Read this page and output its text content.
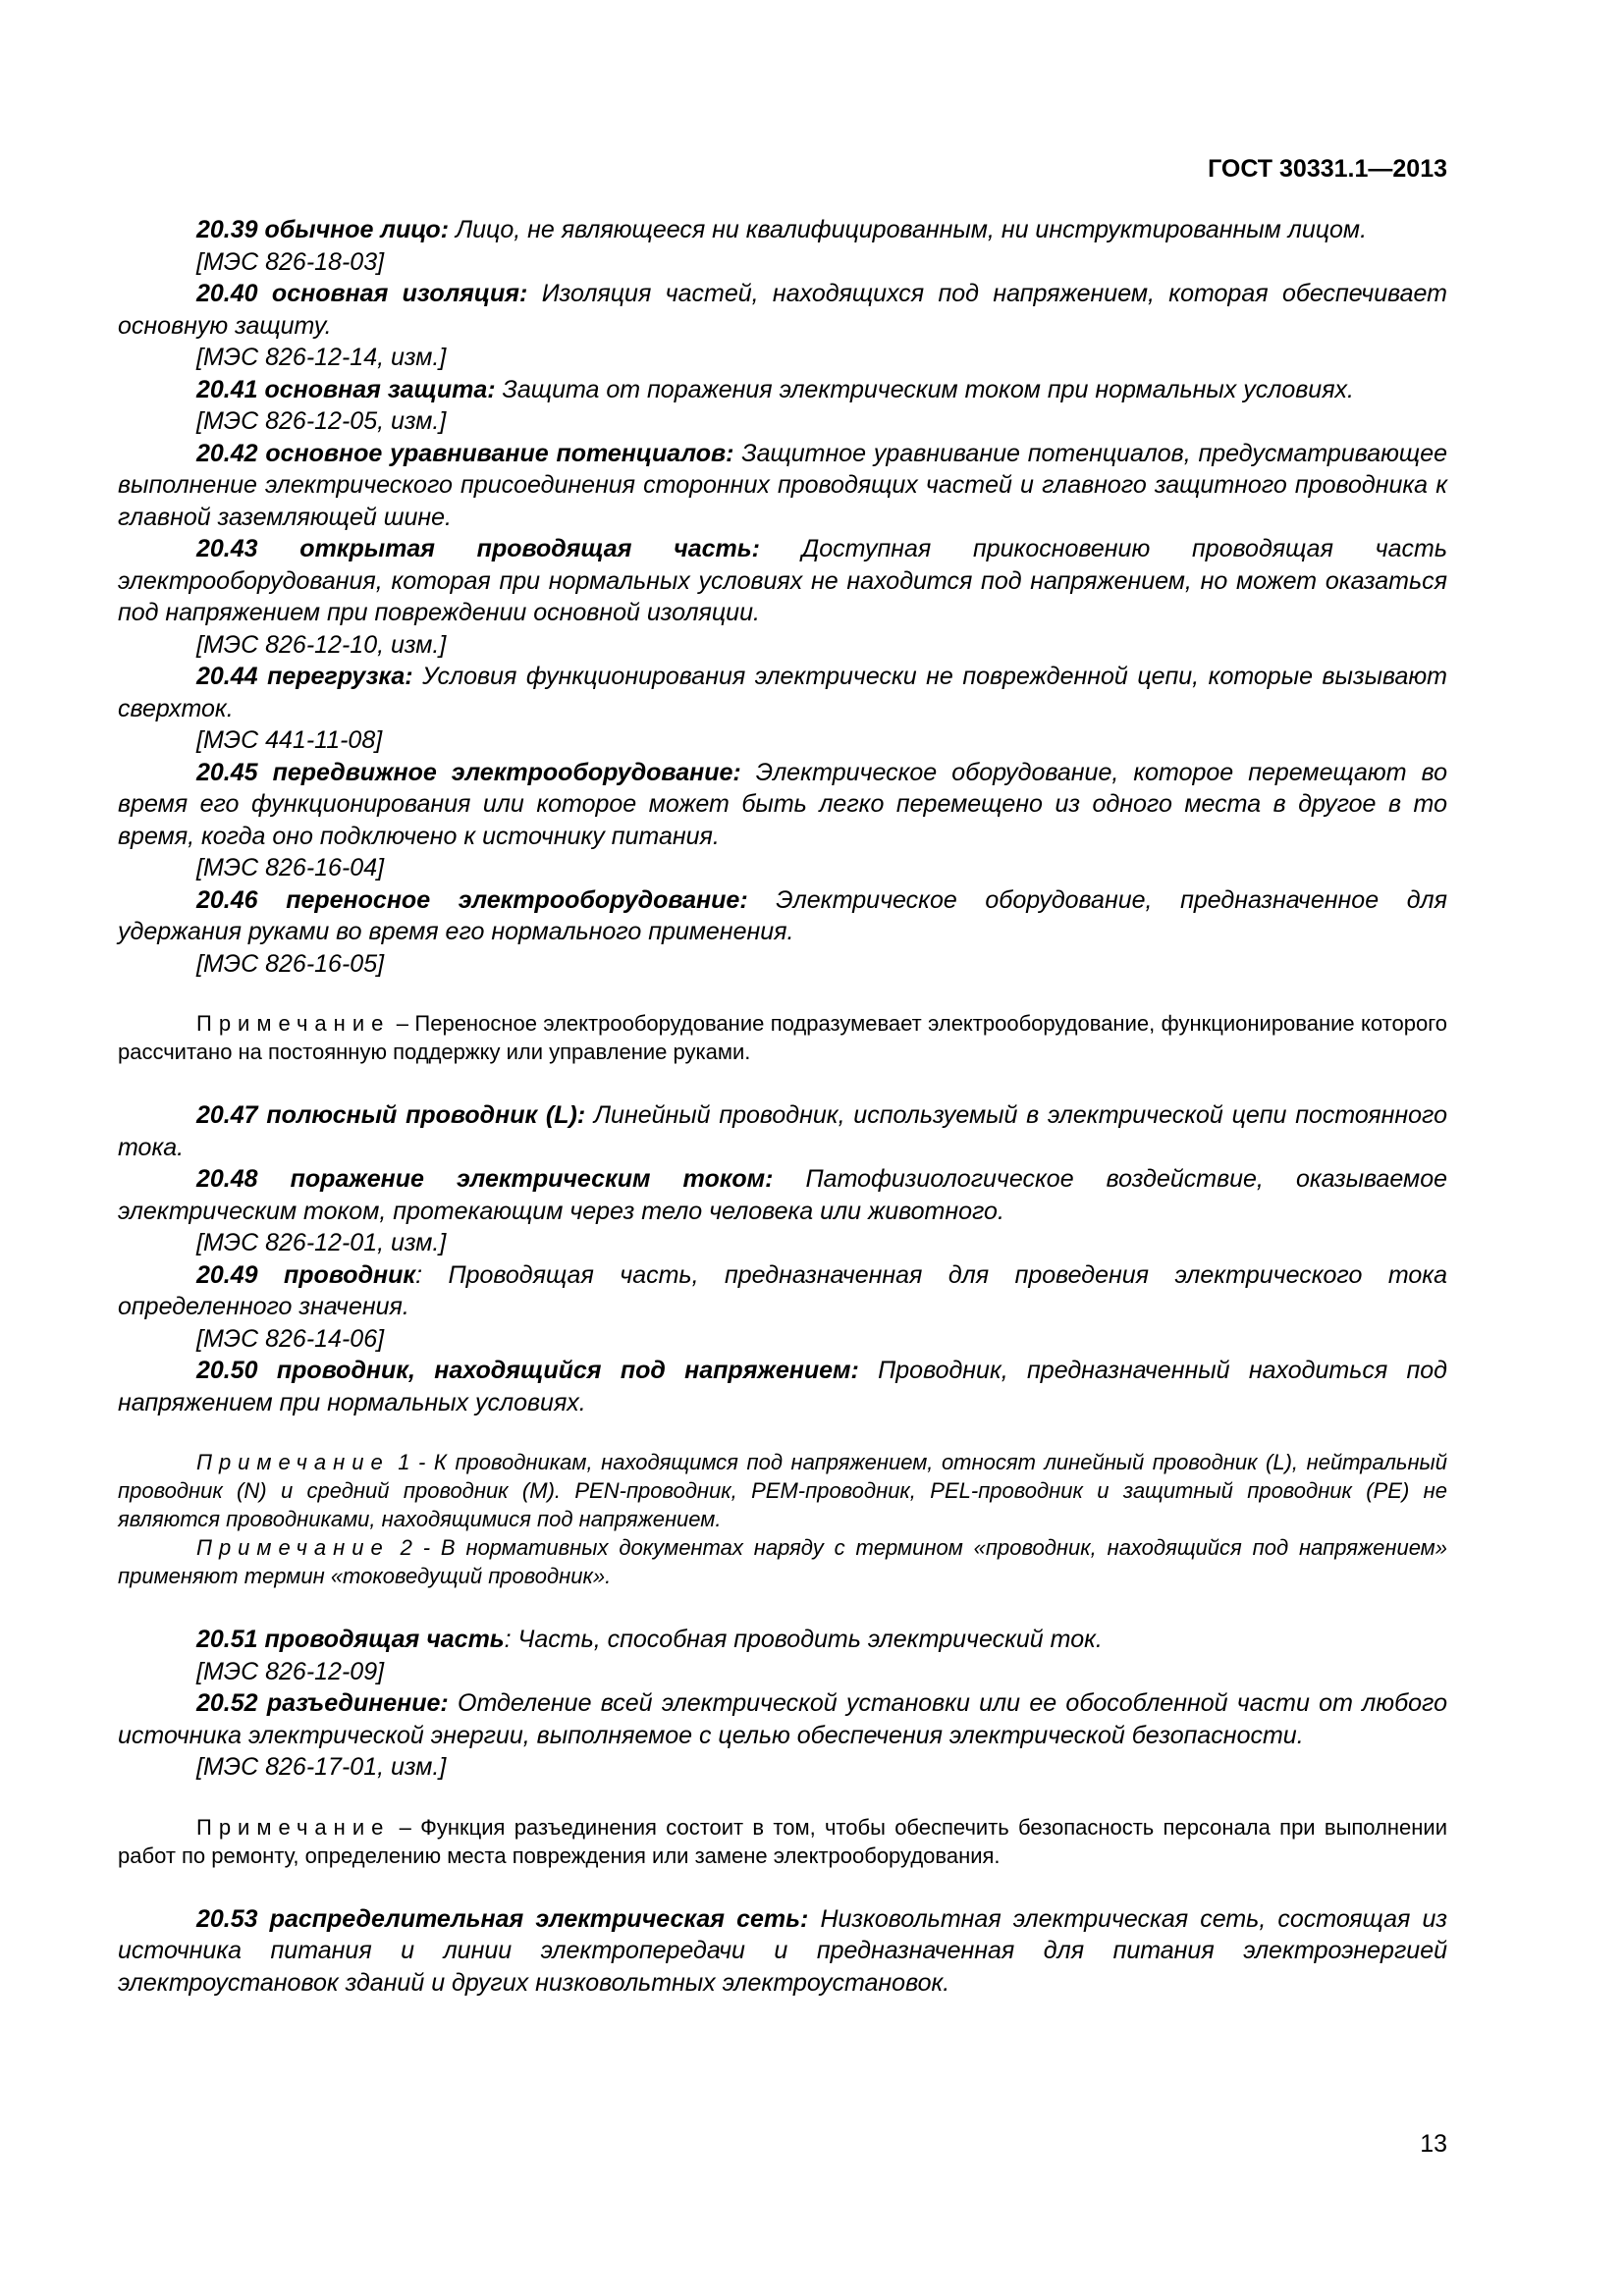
ГОСТ 30331.1—2013

20.39 обычное лицо: Лицо, не являющееся ни квалифицированным, ни инструктированным лицом.

[МЭС 826-18-03]

20.40 основная изоляция: Изоляция частей, находящихся под напряжением, которая обеспечивает основную защиту.

[МЭС 826-12-14, изм.]

20.41 основная защита: Защита от поражения электрическим током при нормальных условиях.

[МЭС 826-12-05, изм.]

20.42 основное уравнивание потенциалов: Защитное уравнивание потенциалов, предусматривающее выполнение электрического присоединения сторонних проводящих частей и главного защитного проводника к главной заземляющей шине.

20.43 открытая проводящая часть: Доступная прикосновению проводящая часть электрооборудования, которая при нормальных условиях не находится под напряжением, но может оказаться под напряжением при повреждении основной изоляции.

[МЭС 826-12-10, изм.]

20.44 перегрузка: Условия функционирования электрически не поврежденной цепи, которые вызывают сверхток.

[МЭС 441-11-08]

20.45 передвижное электрооборудование: Электрическое оборудование, которое перемещают во время его функционирования или которое может быть легко перемещено из одного места в другое в то время, когда оно подключено к источнику питания.

[МЭС 826-16-04]

20.46 переносное электрооборудование: Электрическое оборудование, предназначенное для удержания руками во время его нормального применения.

[МЭС 826-16-05]

Примечание – Переносное электрооборудование подразумевает электрооборудование, функционирование которого рассчитано на постоянную поддержку или управление руками.

20.47 полюсный проводник (L): Линейный проводник, используемый в электрической цепи постоянного тока.

20.48 поражение электрическим током: Патофизиологическое воздействие, оказываемое электрическим током, протекающим через тело человека или животного.

[МЭС 826-12-01, изм.]

20.49 проводник: Проводящая часть, предназначенная для проведения электрического тока определенного значения.

[МЭС 826-14-06]

20.50 проводник, находящийся под напряжением: Проводник, предназначенный находиться под напряжением при нормальных условиях.

Примечание 1 - К проводникам, находящимся под напряжением, относят линейный проводник (L), нейтральный проводник (N) и средний проводник (M). PEN-проводник, PEM-проводник, PEL-проводник и защитный проводник (PE) не являются проводниками, находящимися под напряжением.

Примечание 2 - В нормативных документах наряду с термином «проводник, находящийся под напряжением» применяют термин «токоведущий проводник».

20.51 проводящая часть: Часть, способная проводить электрический ток.

[МЭС 826-12-09]

20.52 разъединение: Отделение всей электрической установки или ее обособленной части от любого источника электрической энергии, выполняемое с целью обеспечения электрической безопасности.

[МЭС 826-17-01, изм.]

Примечание – Функция разъединения состоит в том, чтобы обеспечить безопасность персонала при выполнении работ по ремонту, определению места повреждения или замене электрооборудования.

20.53 распределительная электрическая сеть: Низковольтная электрическая сеть, состоящая из источника питания и линии электропередачи и предназначенная для питания электроэнергией электроустановок зданий и других низковольтных электроустановок.

13
